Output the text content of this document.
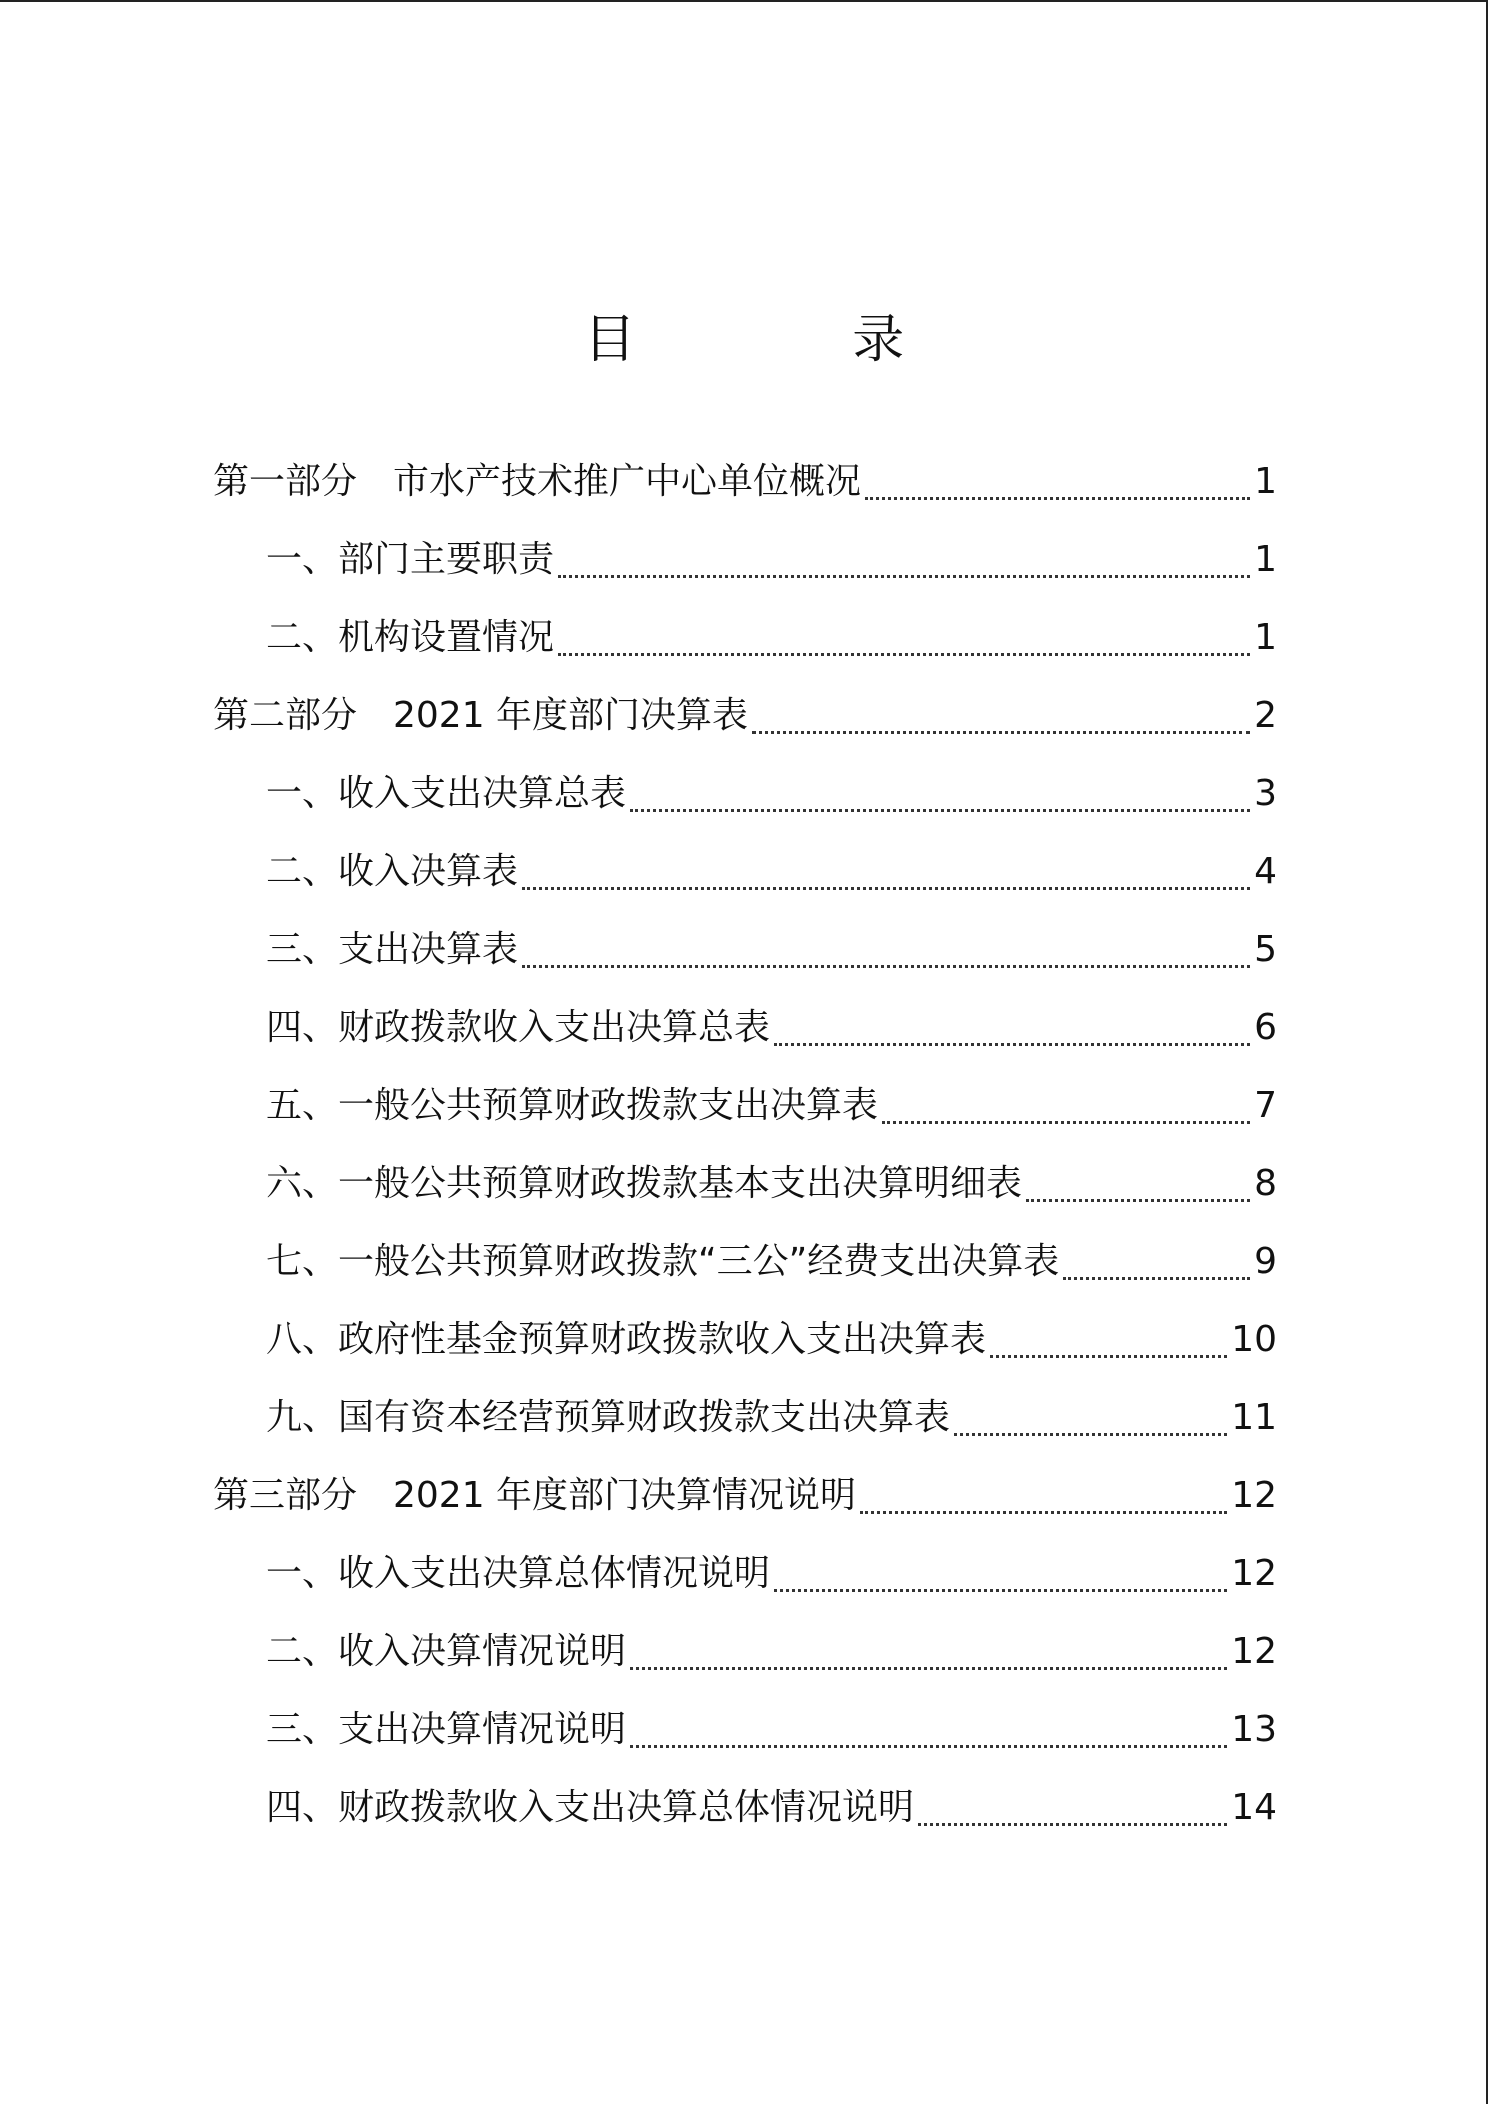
目 录
第一部分　市水产技术推广中心单位概况	1
一、部门主要职责	1
二、机构设置情况	1
第二部分　2021 年度部门决算表	2
一、收入支出决算总表	3
二、收入决算表	4
三、支出决算表	5
四、财政拨款收入支出决算总表	6
五、一般公共预算财政拨款支出决算表	7
六、一般公共预算财政拨款基本支出决算明细表	8
七、一般公共预算财政拨款“三公”经费支出决算表	9
八、政府性基金预算财政拨款收入支出决算表	10
九、国有资本经营预算财政拨款支出决算表	11
第三部分　2021 年度部门决算情况说明	12
一、收入支出决算总体情况说明	12
二、收入决算情况说明	12
三、支出决算情况说明	13
四、财政拨款收入支出决算总体情况说明	14
